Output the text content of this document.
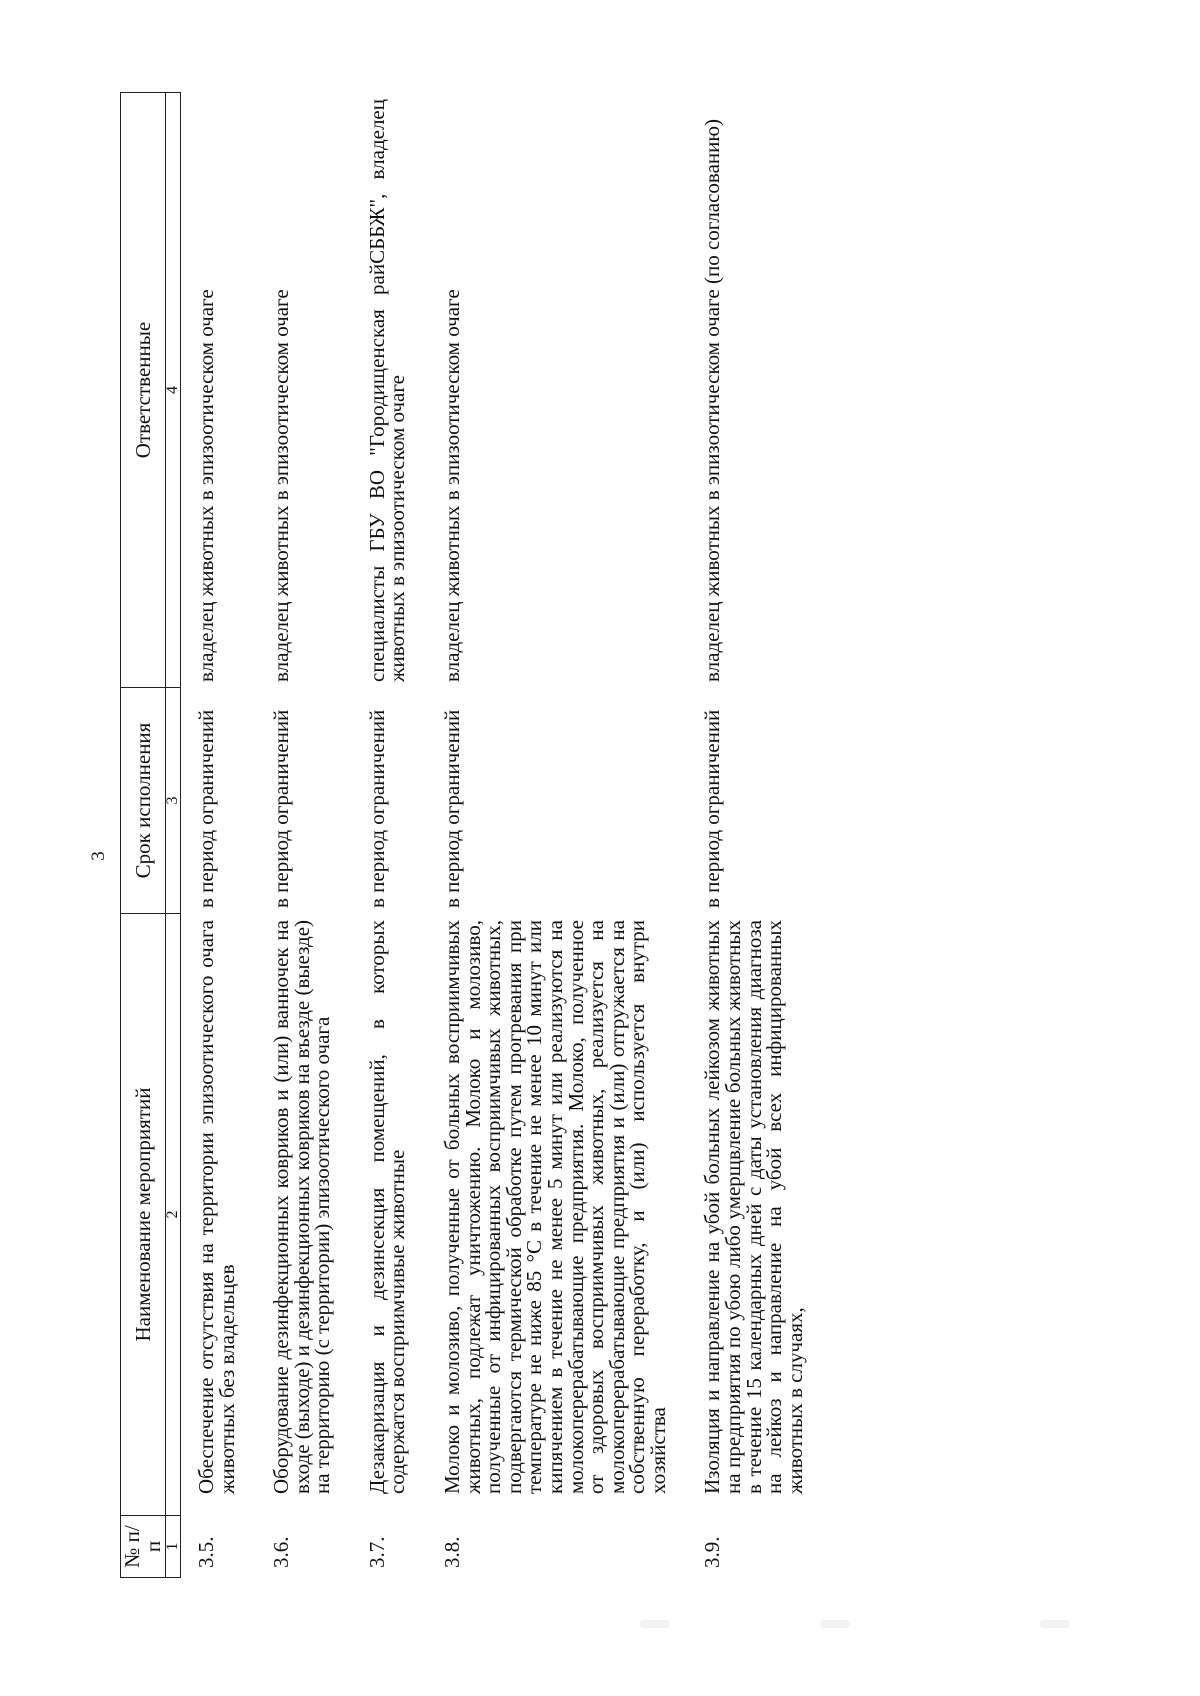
3
№ п/п	Наименование мероприятий	Срок исполнения	Ответственные
1	2	3	4
3.5.	Обеспечение отсутствия на территории эпизоотического очага животных без владельцев	в период ограничений	владелец животных в эпизоотическом очаге
3.6.	Оборудование дезинфекционных ковриков и (или) ванночек на входе (выходе) и дезинфекционных ковриков на въезде (выезде) на территорию (с территории) эпизоотического очага	в период ограничений	владелец животных в эпизоотическом очаге
3.7.	Дезакаризация и дезинсекция помещений, в которых содержатся восприимчивые животные	в период ограничений	специалисты ГБУ ВО "Городищенская райСББЖ", владелец животных в эпизоотическом очаге
3.8.	Молоко и молозиво, полученные от больных восприимчивых животных, подлежат уничтожению. Молоко и молозиво, полученные от инфицированных восприимчивых животных, подвергаются термической обработке путем прогревания при температуре не ниже 85 °С в течение не менее 10 минут или кипячением в течение не менее 5 минут или реализуются на молокоперерабатывающие предприятия. Молоко, полученное от здоровых восприимчивых животных, реализуется на молокоперерабатывающие предприятия и (или) отгружается на собственную переработку, и (или) используется внутри хозяйства	в период ограничений	владелец животных в эпизоотическом очаге
3.9.	Изоляция и направление на убой больных лейкозом животных на предприятия по убою либо умерщвление больных животных в течение 15 календарных дней с даты установления диагноза на лейкоз и направление на убой всех инфицированных животных в случаях,	в период ограничений	владелец животных в эпизоотическом очаге (по согласованию)
